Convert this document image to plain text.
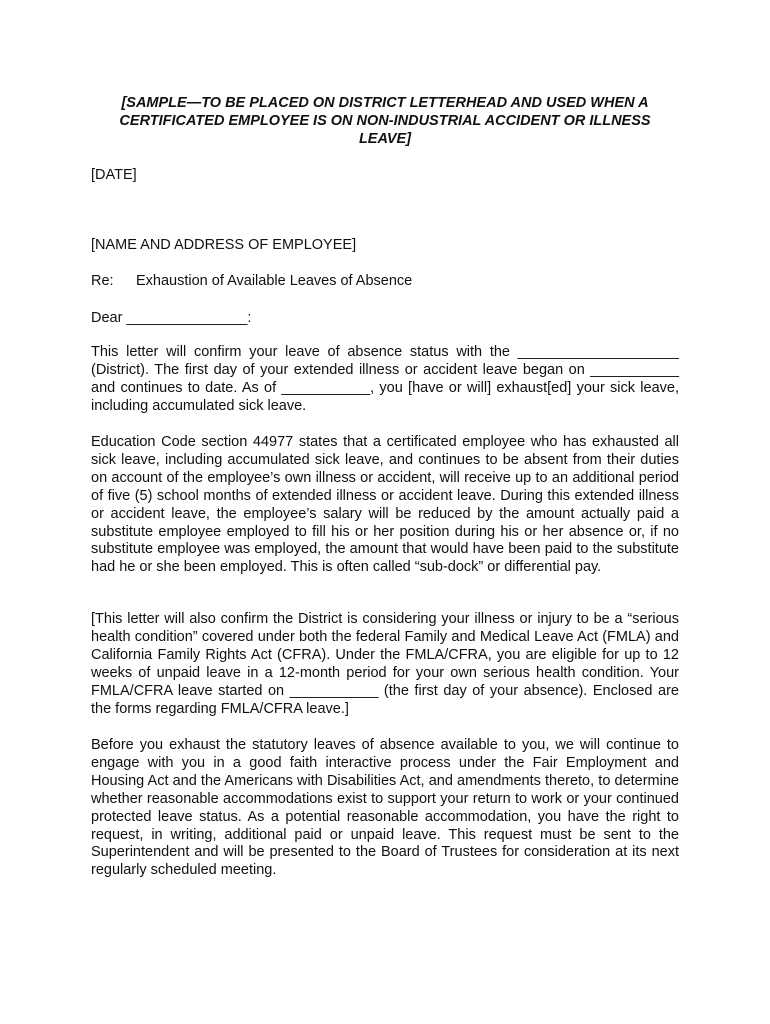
[SAMPLE—TO BE PLACED ON DISTRICT LETTERHEAD AND USED WHEN A CERTIFICATED EMPLOYEE IS ON NON-INDUSTRIAL ACCIDENT OR ILLNESS LEAVE]
[DATE]
[NAME AND ADDRESS OF EMPLOYEE]
Re: Exhaustion of Available Leaves of Absence
Dear _______________:

This letter will confirm your leave of absence status with the ____________________ (District). The first day of your extended illness or accident leave began on ___________ and continues to date. As of ___________, you [have or will] exhaust[ed] your sick leave, including accumulated sick leave.

Education Code section 44977 states that a certificated employee who has exhausted all sick leave, including accumulated sick leave, and continues to be absent from their duties on account of the employee’s own illness or accident, will receive up to an additional period of five (5) school months of extended illness or accident leave. During this extended illness or accident leave, the employee’s salary will be reduced by the amount actually paid a substitute employee employed to fill his or her position during his or her absence or, if no substitute employee was employed, the amount that would have been paid to the substitute had he or she been employed. This is often called “sub-dock” or differential pay.

[This letter will also confirm the District is considering your illness or injury to be a “serious health condition” covered under both the federal Family and Medical Leave Act (FMLA) and California Family Rights Act (CFRA). Under the FMLA/CFRA, you are eligible for up to 12 weeks of unpaid leave in a 12-month period for your own serious health condition. Your FMLA/CFRA leave started on ___________ (the first day of your absence). Enclosed are the forms regarding FMLA/CFRA leave.]

Before you exhaust the statutory leaves of absence available to you, we will continue to engage with you in a good faith interactive process under the Fair Employment and Housing Act and the Americans with Disabilities Act, and amendments thereto, to determine whether reasonable accommodations exist to support your return to work or your continued protected leave status. As a potential reasonable accommodation, you have the right to request, in writing, additional paid or unpaid leave. This request must be sent to the Superintendent and will be presented to the Board of Trustees for consideration at its next regularly scheduled meeting.
